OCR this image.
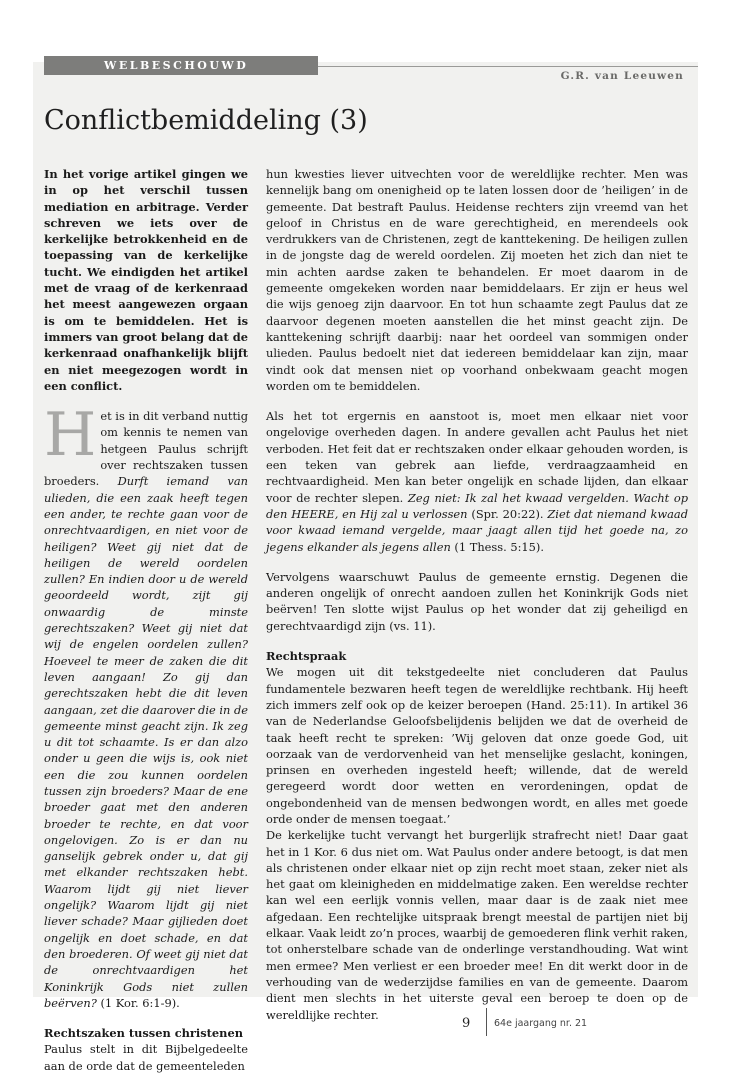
WELBESCHOUWD
G.R. van Leeuwen
Conflictbemiddeling (3)

In het vorige artikel gingen we in op het verschil tussen mediation en arbitrage. Verder schreven we iets over de kerkelijke betrokkenheid en de toepassing van de kerkelijke tucht. We eindigden het artikel met de vraag of de kerkenraad het meest aangewezen orgaan is om te bemiddelen. Het is immers van groot belang dat de kerkenraad onafhankelijk blijft en niet meegezogen wordt in een conflict.

Het is in dit verband nuttig om kennis te nemen van hetgeen Paulus schrijft over rechtszaken tussen broeders. Durft iemand van ulieden, die een zaak heeft tegen een ander, te rechte gaan voor de onrechtvaardigen, en niet voor de heiligen? Weet gij niet dat de heiligen de wereld oordelen zullen? En indien door u de wereld geoordeeld wordt, zijt gij onwaardig de minste gerechtszaken? Weet gij niet dat wij de engelen oordelen zullen? Hoeveel te meer de zaken die dit leven aangaan! Zo gij dan gerechtszaken hebt die dit leven aangaan, zet die daarover die in de gemeente minst geacht zijn. Ik zeg u dit tot schaamte. Is er dan alzo onder u geen die wijs is, ook niet een die zou kunnen oordelen tussen zijn broeders? Maar de ene broeder gaat met den anderen broeder te rechte, en dat voor ongelovigen. Zo is er dan nu ganselijk gebrek onder u, dat gij met elkander rechtszaken hebt. Waarom lijdt gij niet liever ongelijk? Waarom lijdt gij niet liever schade? Maar gijlieden doet ongelijk en doet schade, en dat den broederen. Of weet gij niet dat de onrechtvaardigen het Koninkrijk Gods niet zullen beërven? (1 Kor. 6:1-9).

Rechtszaken tussen christenen

Paulus stelt in dit Bijbelgedeelte aan de orde dat de gemeenteleden

hun kwesties liever uitvechten voor de wereldlijke rechter. Men was kennelijk bang om onenigheid op te laten lossen door de ’heiligen’ in de gemeente. Dat bestraft Paulus. Heidense rechters zijn vreemd van het geloof in Christus en de ware gerechtigheid, en merendeels ook verdrukkers van de Christenen, zegt de kanttekening. De heiligen zullen in de jongste dag de wereld oordelen. Zij moeten het zich dan niet te min achten aardse zaken te behandelen. Er moet daarom in de gemeente omgekeken worden naar bemiddelaars. Er zijn er heus wel die wijs genoeg zijn daarvoor. En tot hun schaamte zegt Paulus dat ze daarvoor degenen moeten aanstellen die het minst geacht zijn. De kanttekening schrijft daarbij: naar het oordeel van sommigen onder ulieden. Paulus bedoelt niet dat iedereen bemiddelaar kan zijn, maar vindt ook dat mensen niet op voorhand onbekwaam geacht mogen worden om te bemiddelen.

Als het tot ergernis en aanstoot is, moet men elkaar niet voor ongelovige overheden dagen. In andere gevallen acht Paulus het niet verboden. Het feit dat er rechtszaken onder elkaar gehouden worden, is een teken van gebrek aan liefde, verdraagzaamheid en rechtvaardigheid. Men kan beter ongelijk en schade lijden, dan elkaar voor de rechter slepen. Zeg niet: Ik zal het kwaad vergelden. Wacht op den HEERE, en Hij zal u verlossen (Spr. 20:22). Ziet dat niemand kwaad voor kwaad iemand vergelde, maar jaagt allen tijd het goede na, zo jegens elkander als jegens allen (1 Thess. 5:15).

Vervolgens waarschuwt Paulus de gemeente ernstig. Degenen die anderen ongelijk of onrecht aandoen zullen het Koninkrijk Gods niet beërven! Ten slotte wijst Paulus op het wonder dat zij geheiligd en gerechtvaardigd zijn (vs. 11).

Rechtspraak

We mogen uit dit tekstgedeelte niet concluderen dat Paulus fundamentele bezwaren heeft tegen de wereldlijke rechtbank. Hij heeft zich immers zelf ook op de keizer beroepen (Hand. 25:11). In artikel 36 van de Nederlandse Geloofsbelijdenis belijden we dat de overheid de taak heeft recht te spreken: ’Wij geloven dat onze goede God, uit oorzaak van de verdorvenheid van het menselijke geslacht, koningen, prinsen en overheden ingesteld heeft; willende, dat de wereld geregeerd wordt door wetten en verordeningen, opdat de ongebondenheid van de mensen bedwongen wordt, en alles met goede orde onder de mensen toegaat.’

De kerkelijke tucht vervangt het burgerlijk strafrecht niet! Daar gaat het in 1 Kor. 6 dus niet om. Wat Paulus onder andere betoogt, is dat men als christenen onder elkaar niet op zijn recht moet staan, zeker niet als het gaat om kleinigheden en middelmatige zaken. Een wereldse rechter kan wel een eerlijk vonnis vellen, maar daar is de zaak niet mee afgedaan. Een rechtelijke uitspraak brengt meestal de partijen niet bij elkaar. Vaak leidt zo’n proces, waarbij de gemoederen flink verhit raken, tot onherstelbare schade van de onderlinge verstandhouding. Wat wint men ermee? Men verliest er een broeder mee! En dit werkt door in de verhouding van de wederzijdse families en van de gemeente. Daarom dient men slechts in het uiterste geval een beroep te doen op de wereldlijke rechter.

9 64e jaargang nr. 21
